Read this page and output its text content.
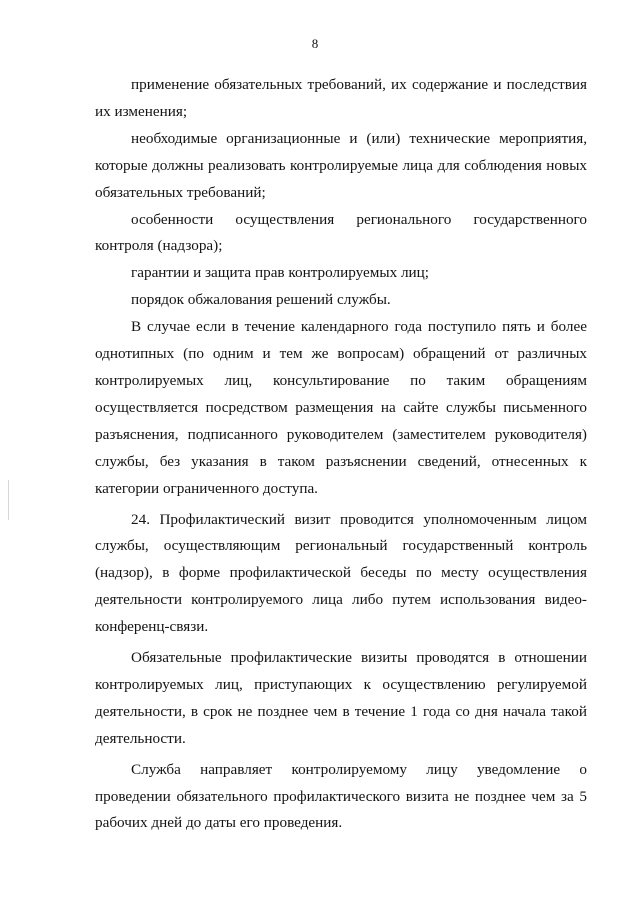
8

применение обязательных требований, их содержание и последствия их изменения;

необходимые организационные и (или) технические мероприятия, которые должны реализовать контролируемые лица для соблюдения новых обязательных требований;

особенности осуществления регионального государственного контроля (надзора);

гарантии и защита прав контролируемых лиц;

порядок обжалования решений службы.

В случае если в течение календарного года поступило пять и более однотипных (по одним и тем же вопросам) обращений от различных контролируемых лиц, консультирование по таким обращениям осуществляется посредством размещения на сайте службы письменного разъяснения, подписанного руководителем (заместителем руководителя) службы, без указания в таком разъяснении сведений, отнесенных к категории ограниченного доступа.

24. Профилактический визит проводится уполномоченным лицом службы, осуществляющим региональный государственный контроль (надзор), в форме профилактической беседы по месту осуществления деятельности контролируемого лица либо путем использования видео-конференц-связи.

Обязательные профилактические визиты проводятся в отношении контролируемых лиц, приступающих к осуществлению регулируемой деятельности, в срок не позднее чем в течение 1 года со дня начала такой деятельности.

Служба направляет контролируемому лицу уведомление о проведении обязательного профилактического визита не позднее чем за 5 рабочих дней до даты его проведения.
